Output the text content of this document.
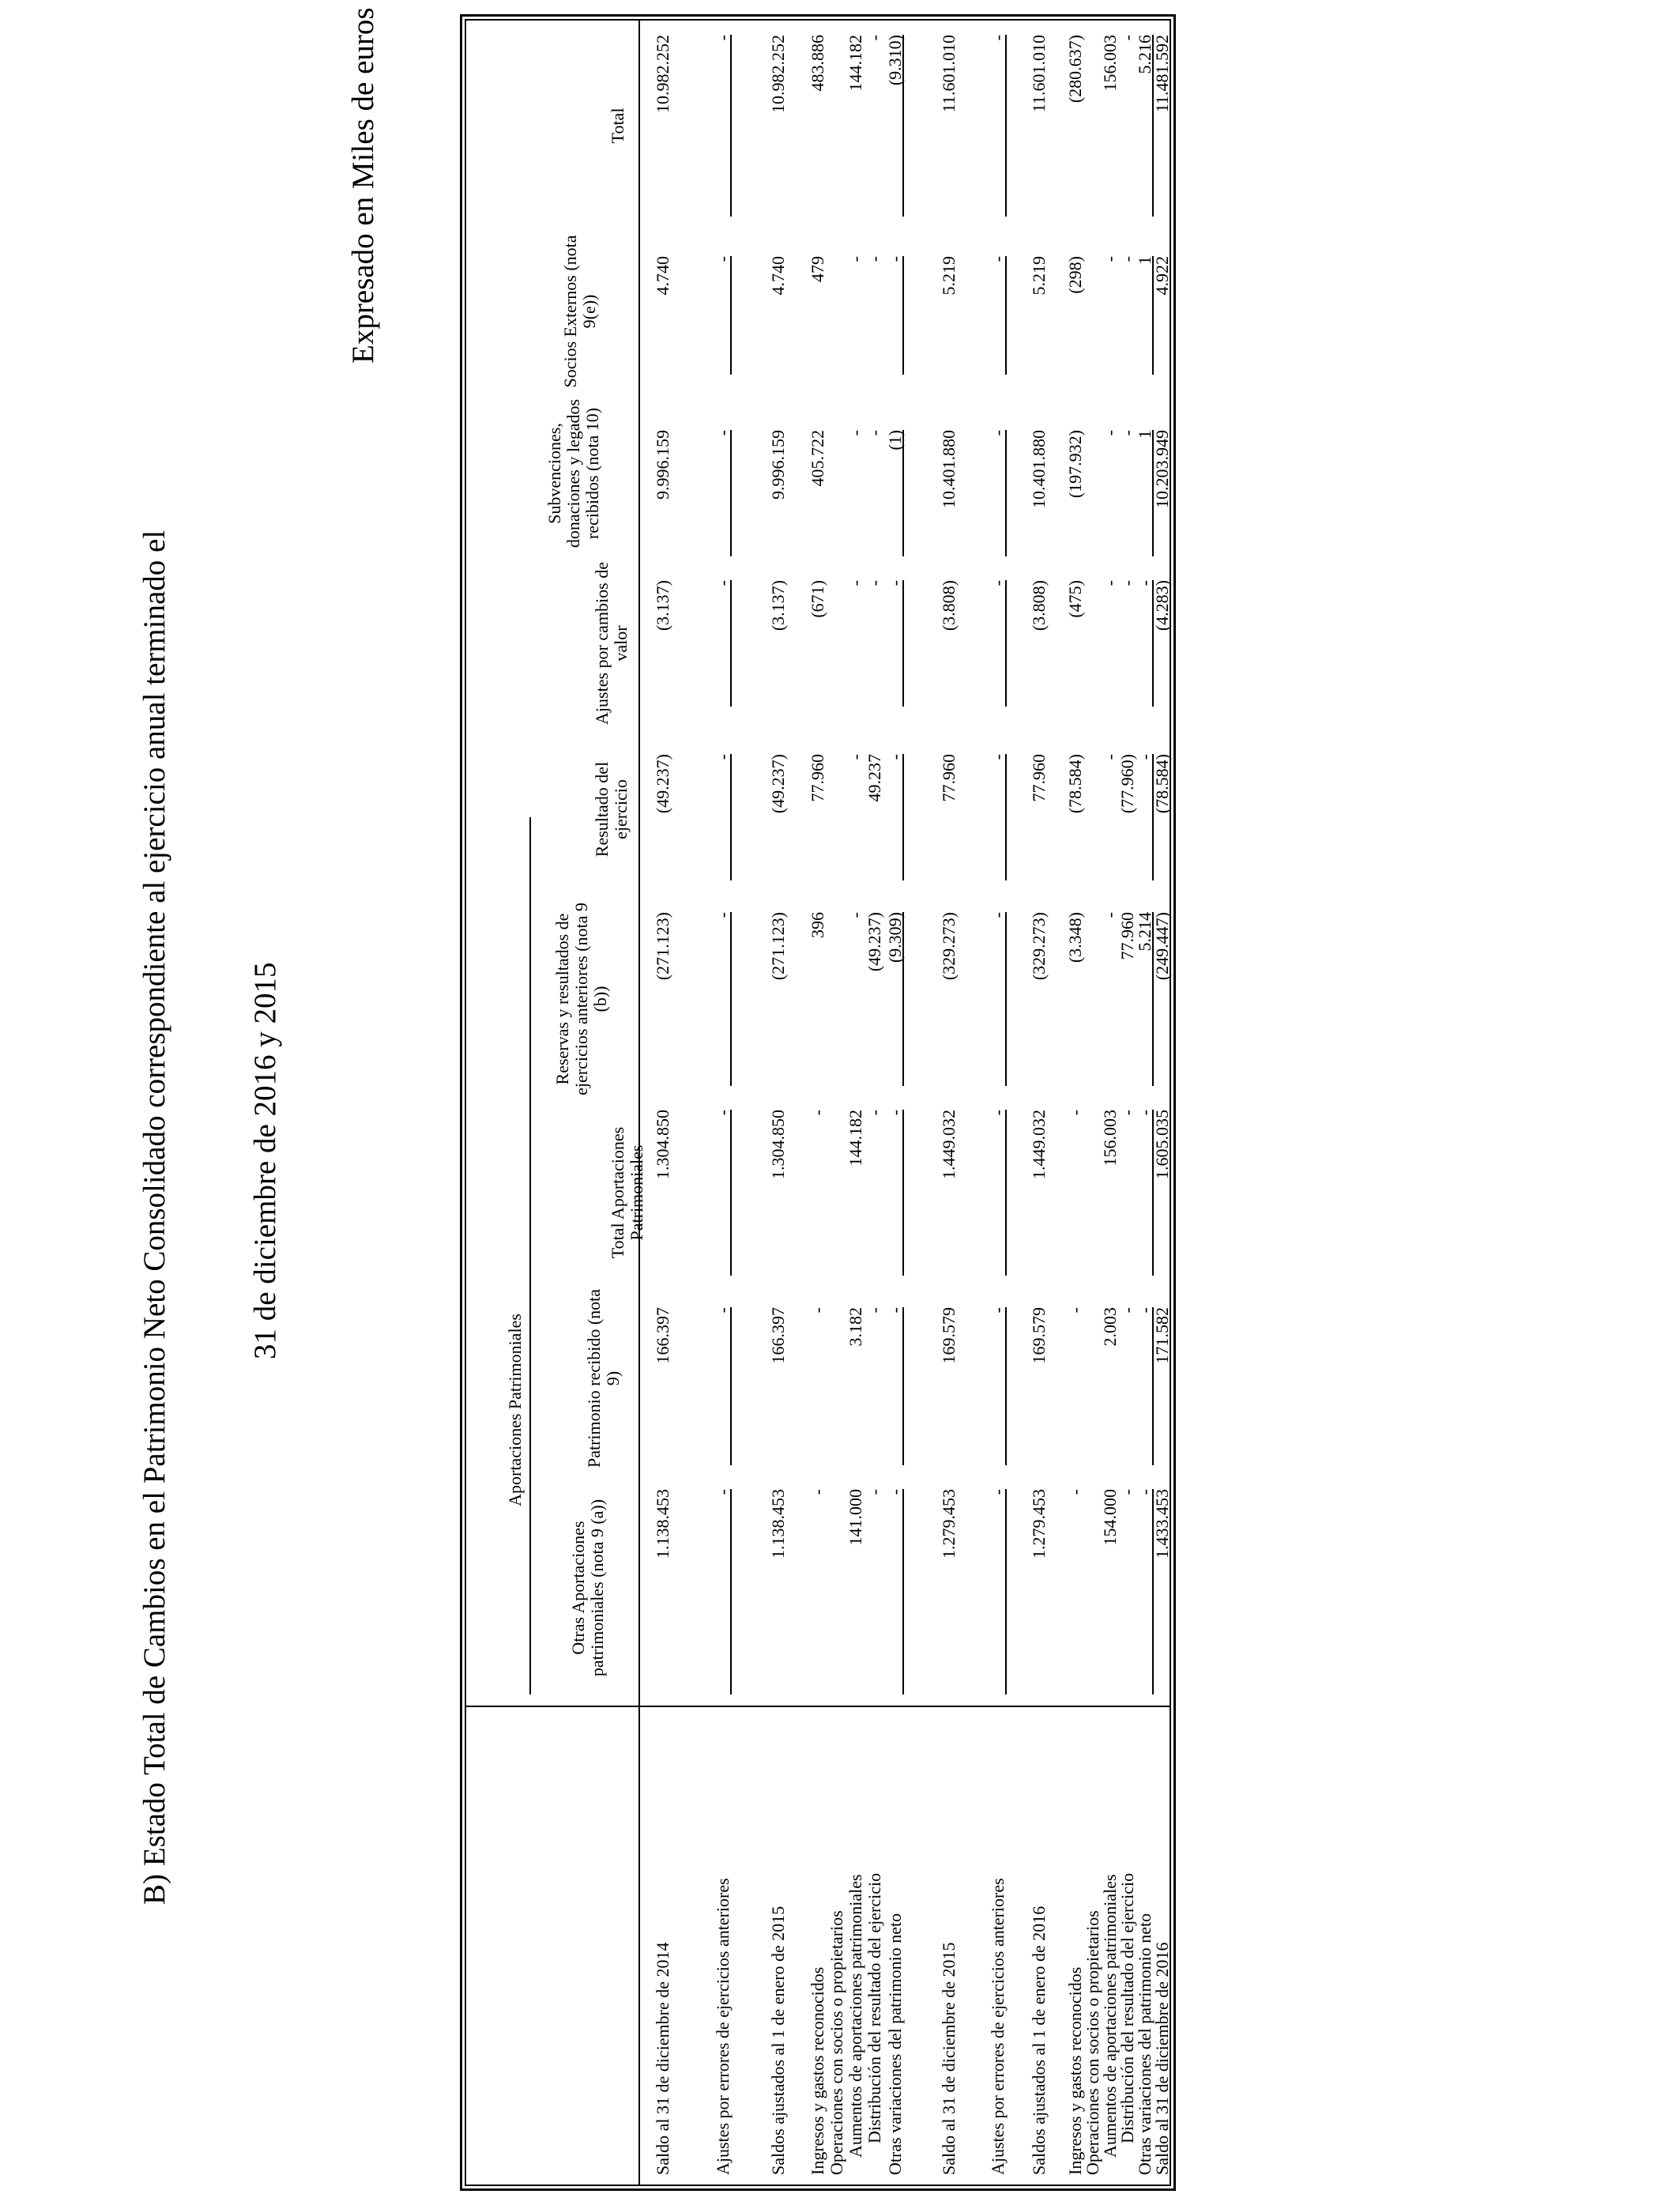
B) Estado Total de Cambios en el Patrimonio Neto Consolidado correspondiente al ejercicio anual terminado el 31 de diciembre de 2016 y 2015
Expresado en Miles de euros
Aportaciones Patrimoniales
Otras Aportaciones patrimoniales (nota 9 (a))
Patrimonio recibido (nota 9)
Total Aportaciones Patrimoniales
Reservas y resultados de ejercicios anteriores (nota 9 (b))
Resultado del ejercicio
Ajustes por cambios de valor
Subvenciones, donaciones y legados recibidos (nota 10)
Socios Externos (nota 9(e))
Total
Saldo al 31 de diciembre de 2014
1.138.453
166.397
1.304.850
(271.123)
(49.237)
(3.137)
9.996.159
4.740
10.982.252
Ajustes por errores de ejercicios anteriores
-
-
-
-
-
-
-
-
-
Saldos ajustados al 1 de enero de 2015
1.138.453
166.397
1.304.850
(271.123)
(49.237)
(3.137)
9.996.159
4.740
10.982.252
Ingresos y gastos reconocidos
-
-
-
396
77.960
(671)
405.722
479
483.886
Operaciones con socios o propietarios Aumentos de aportaciones patrimoniales
141.000
3.182
144.182
-
-
-
-
-
144.182
Distribución del resultado del ejercicio
-
-
-
(49.237)
49.237
-
-
-
-
Otras variaciones del patrimonio neto
-
-
-
(9.309)
-
-
(1)
-
(9.310)
Saldo al 31 de diciembre de 2015
1.279.453
169.579
1.449.032
(329.273)
77.960
(3.808)
10.401.880
5.219
11.601.010
Ajustes por errores de ejercicios anteriores
-
-
-
-
-
-
-
-
-
Saldos ajustados al 1 de enero de 2016
1.279.453
169.579
1.449.032
(329.273)
77.960
(3.808)
10.401.880
5.219
11.601.010
Ingresos y gastos reconocidos
-
-
-
(3.348)
(78.584)
(475)
(197.932)
(298)
(280.637)
Operaciones con socios o propietarios
Aumentos de aportaciones patrimoniales
154.000
2.003
156.003
-
-
-
-
-
156.003
Distribución del resultado del ejercicio
-
-
-
77.960
(77.960)
-
-
-
-
Otras variaciones del patrimonio neto
-
-
-
5.214
-
-
1
1
5.216
Saldo al 31 de diciembre de 2016
1.433.453
171.582
1.605.035
(249.447)
(78.584)
(4.283)
10.203.949
4.922
11.481.592
